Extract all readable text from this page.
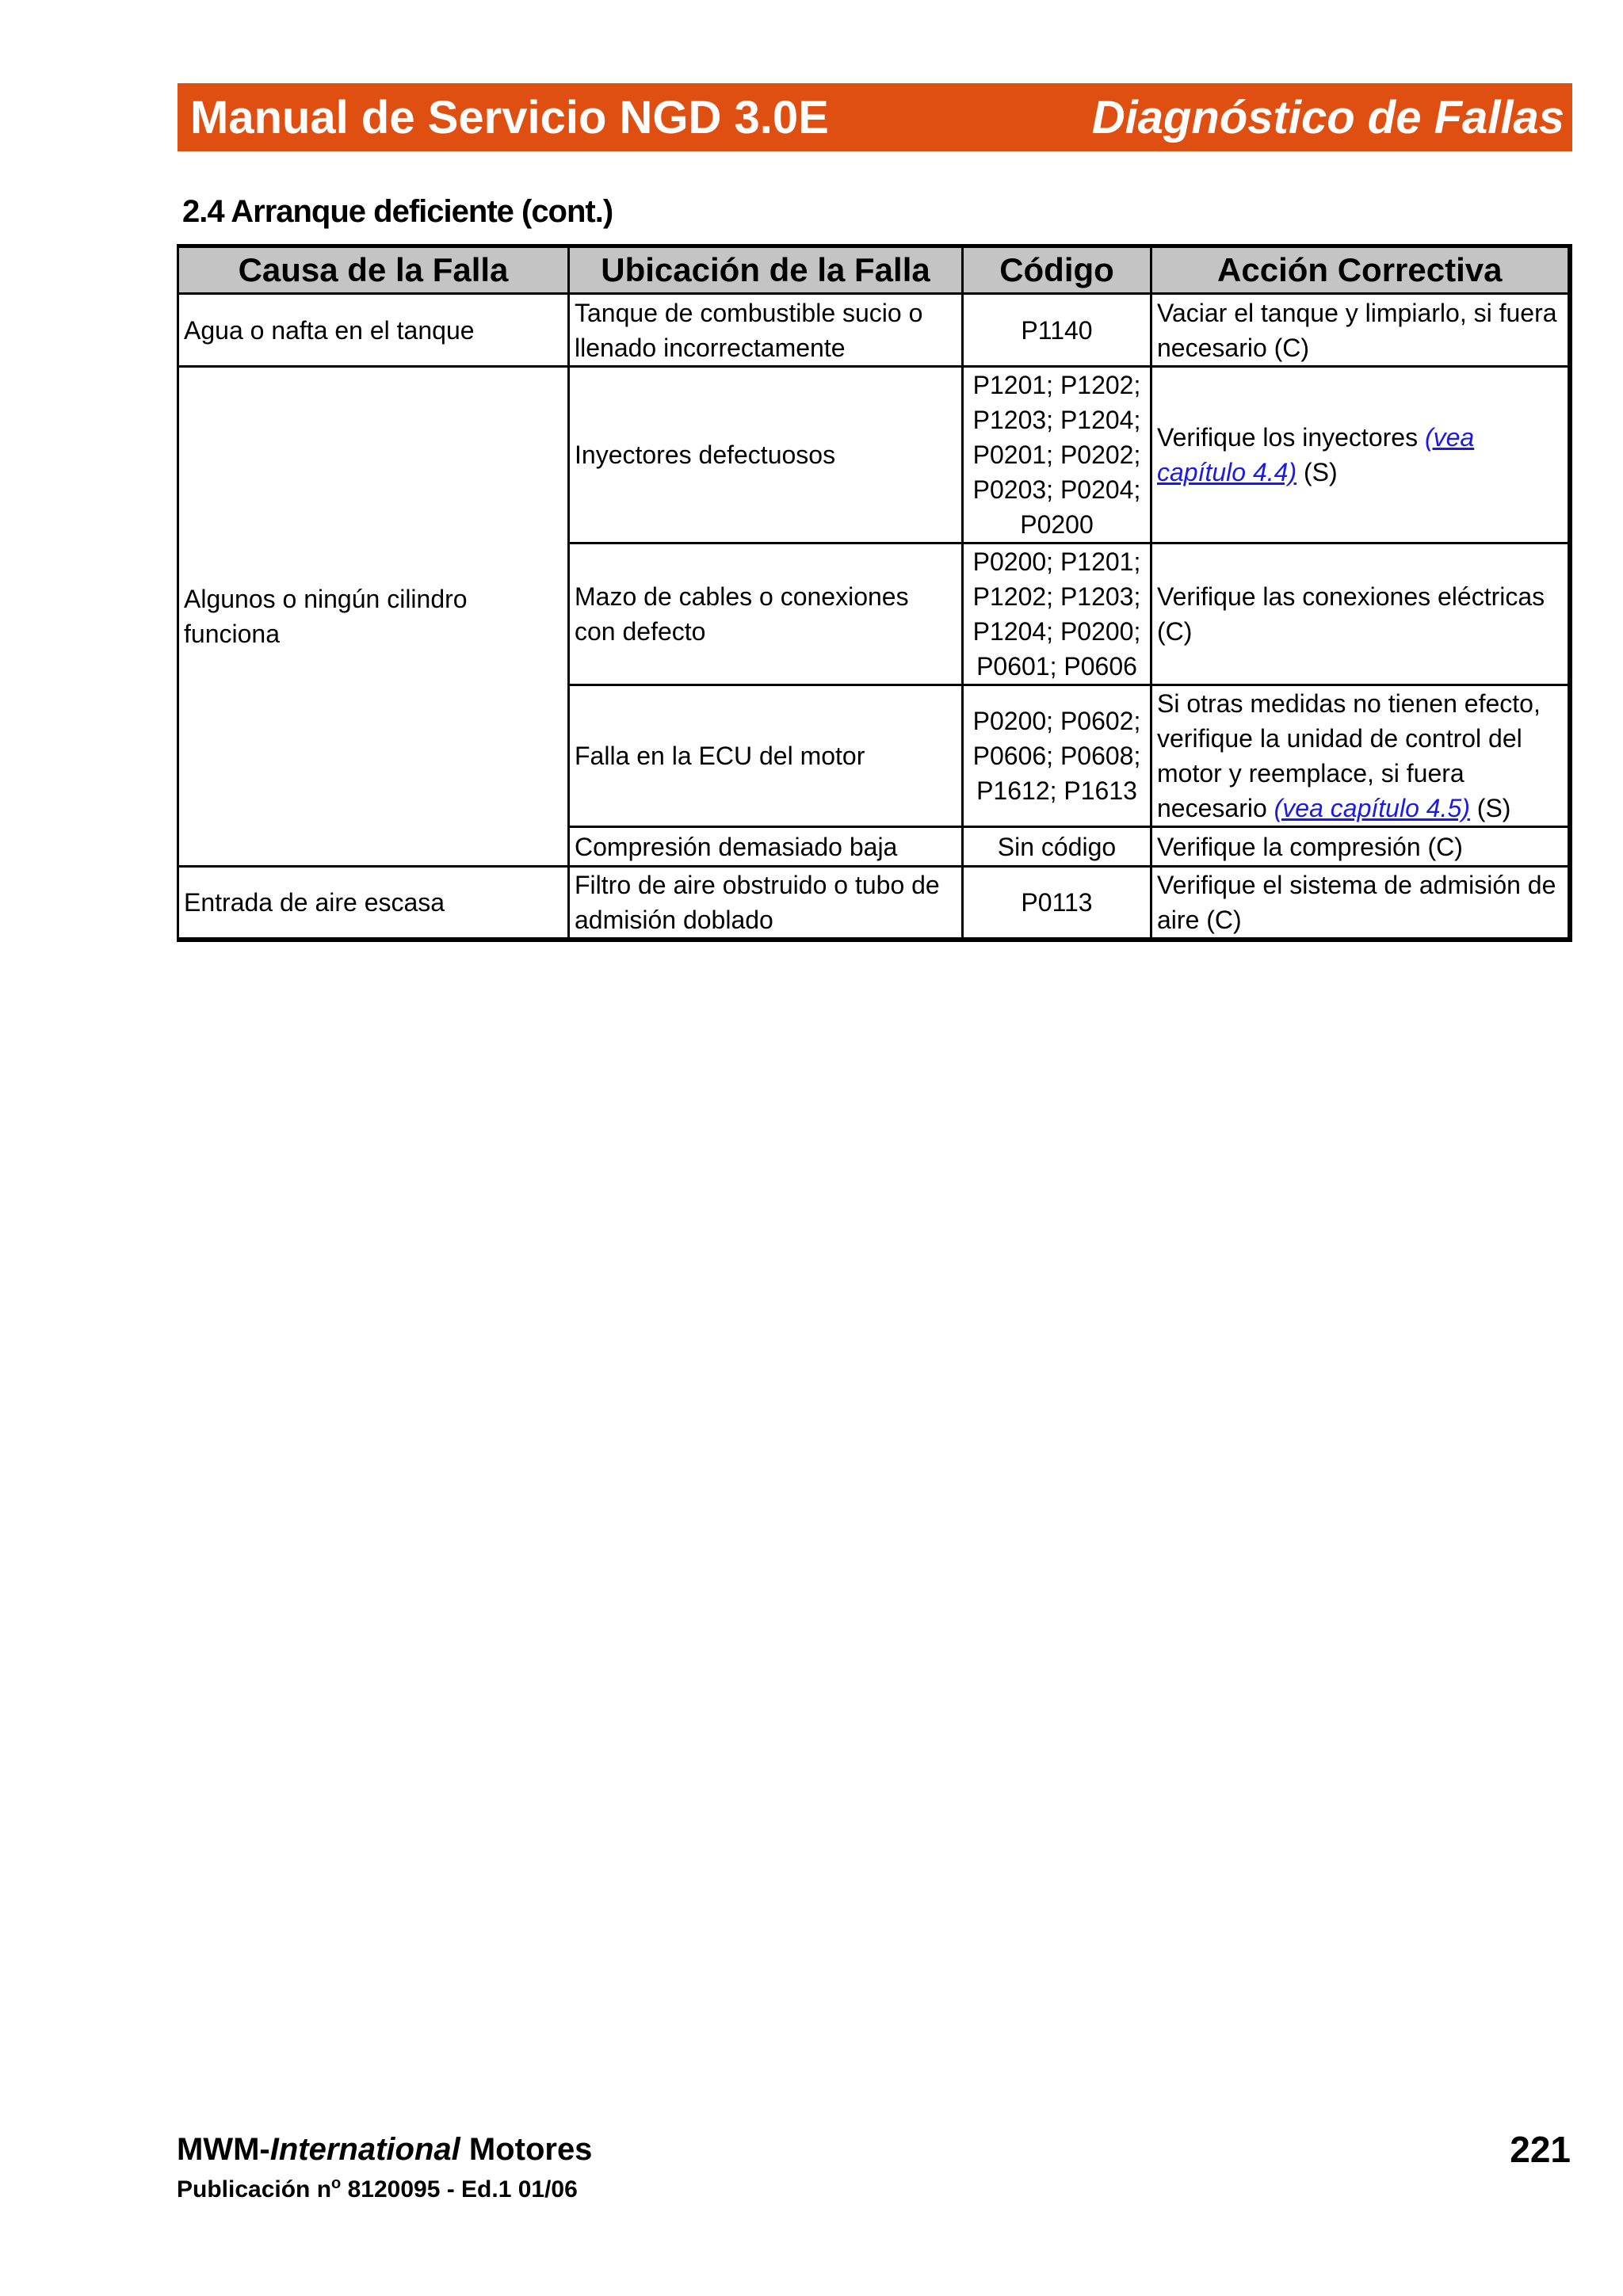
Manual de Servicio NGD 3.0E	Diagnóstico de Fallas
2.4 Arranque deficiente (cont.)
Causa de la Falla	Ubicación de la Falla	Código	Acción Correctiva
Agua o nafta en el tanque	Tanque de combustible sucio o llenado incorrectamente	P1140	Vaciar el tanque y limpiarlo, si fuera necesario (C)
Algunos o ningún cilindro funciona	Inyectores defectuosos	P1201; P1202; P1203; P1204; P0201; P0202; P0203; P0204; P0200	Verifique los inyectores (vea capítulo 4.4) (S)
	Mazo de cables o conexiones con defecto	P0200; P1201; P1202; P1203; P1204; P0200; P0601; P0606	Verifique las conexiones eléctricas (C)
	Falla en la ECU del motor	P0200; P0602; P0606; P0608; P1612; P1613	Si otras medidas no tienen efecto, verifique la unidad de control del motor y reemplace, si fuera necesario (vea capítulo 4.5) (S)
	Compresión demasiado baja	Sin código	Verifique la compresión (C)
Entrada de aire escasa	Filtro de aire obstruido o tubo de admisión doblado	P0113	Verifique el sistema de admisión de aire (C)
MWM-International Motores
Publicación $n^o$ 8120095 - Ed.1 01/06
221
